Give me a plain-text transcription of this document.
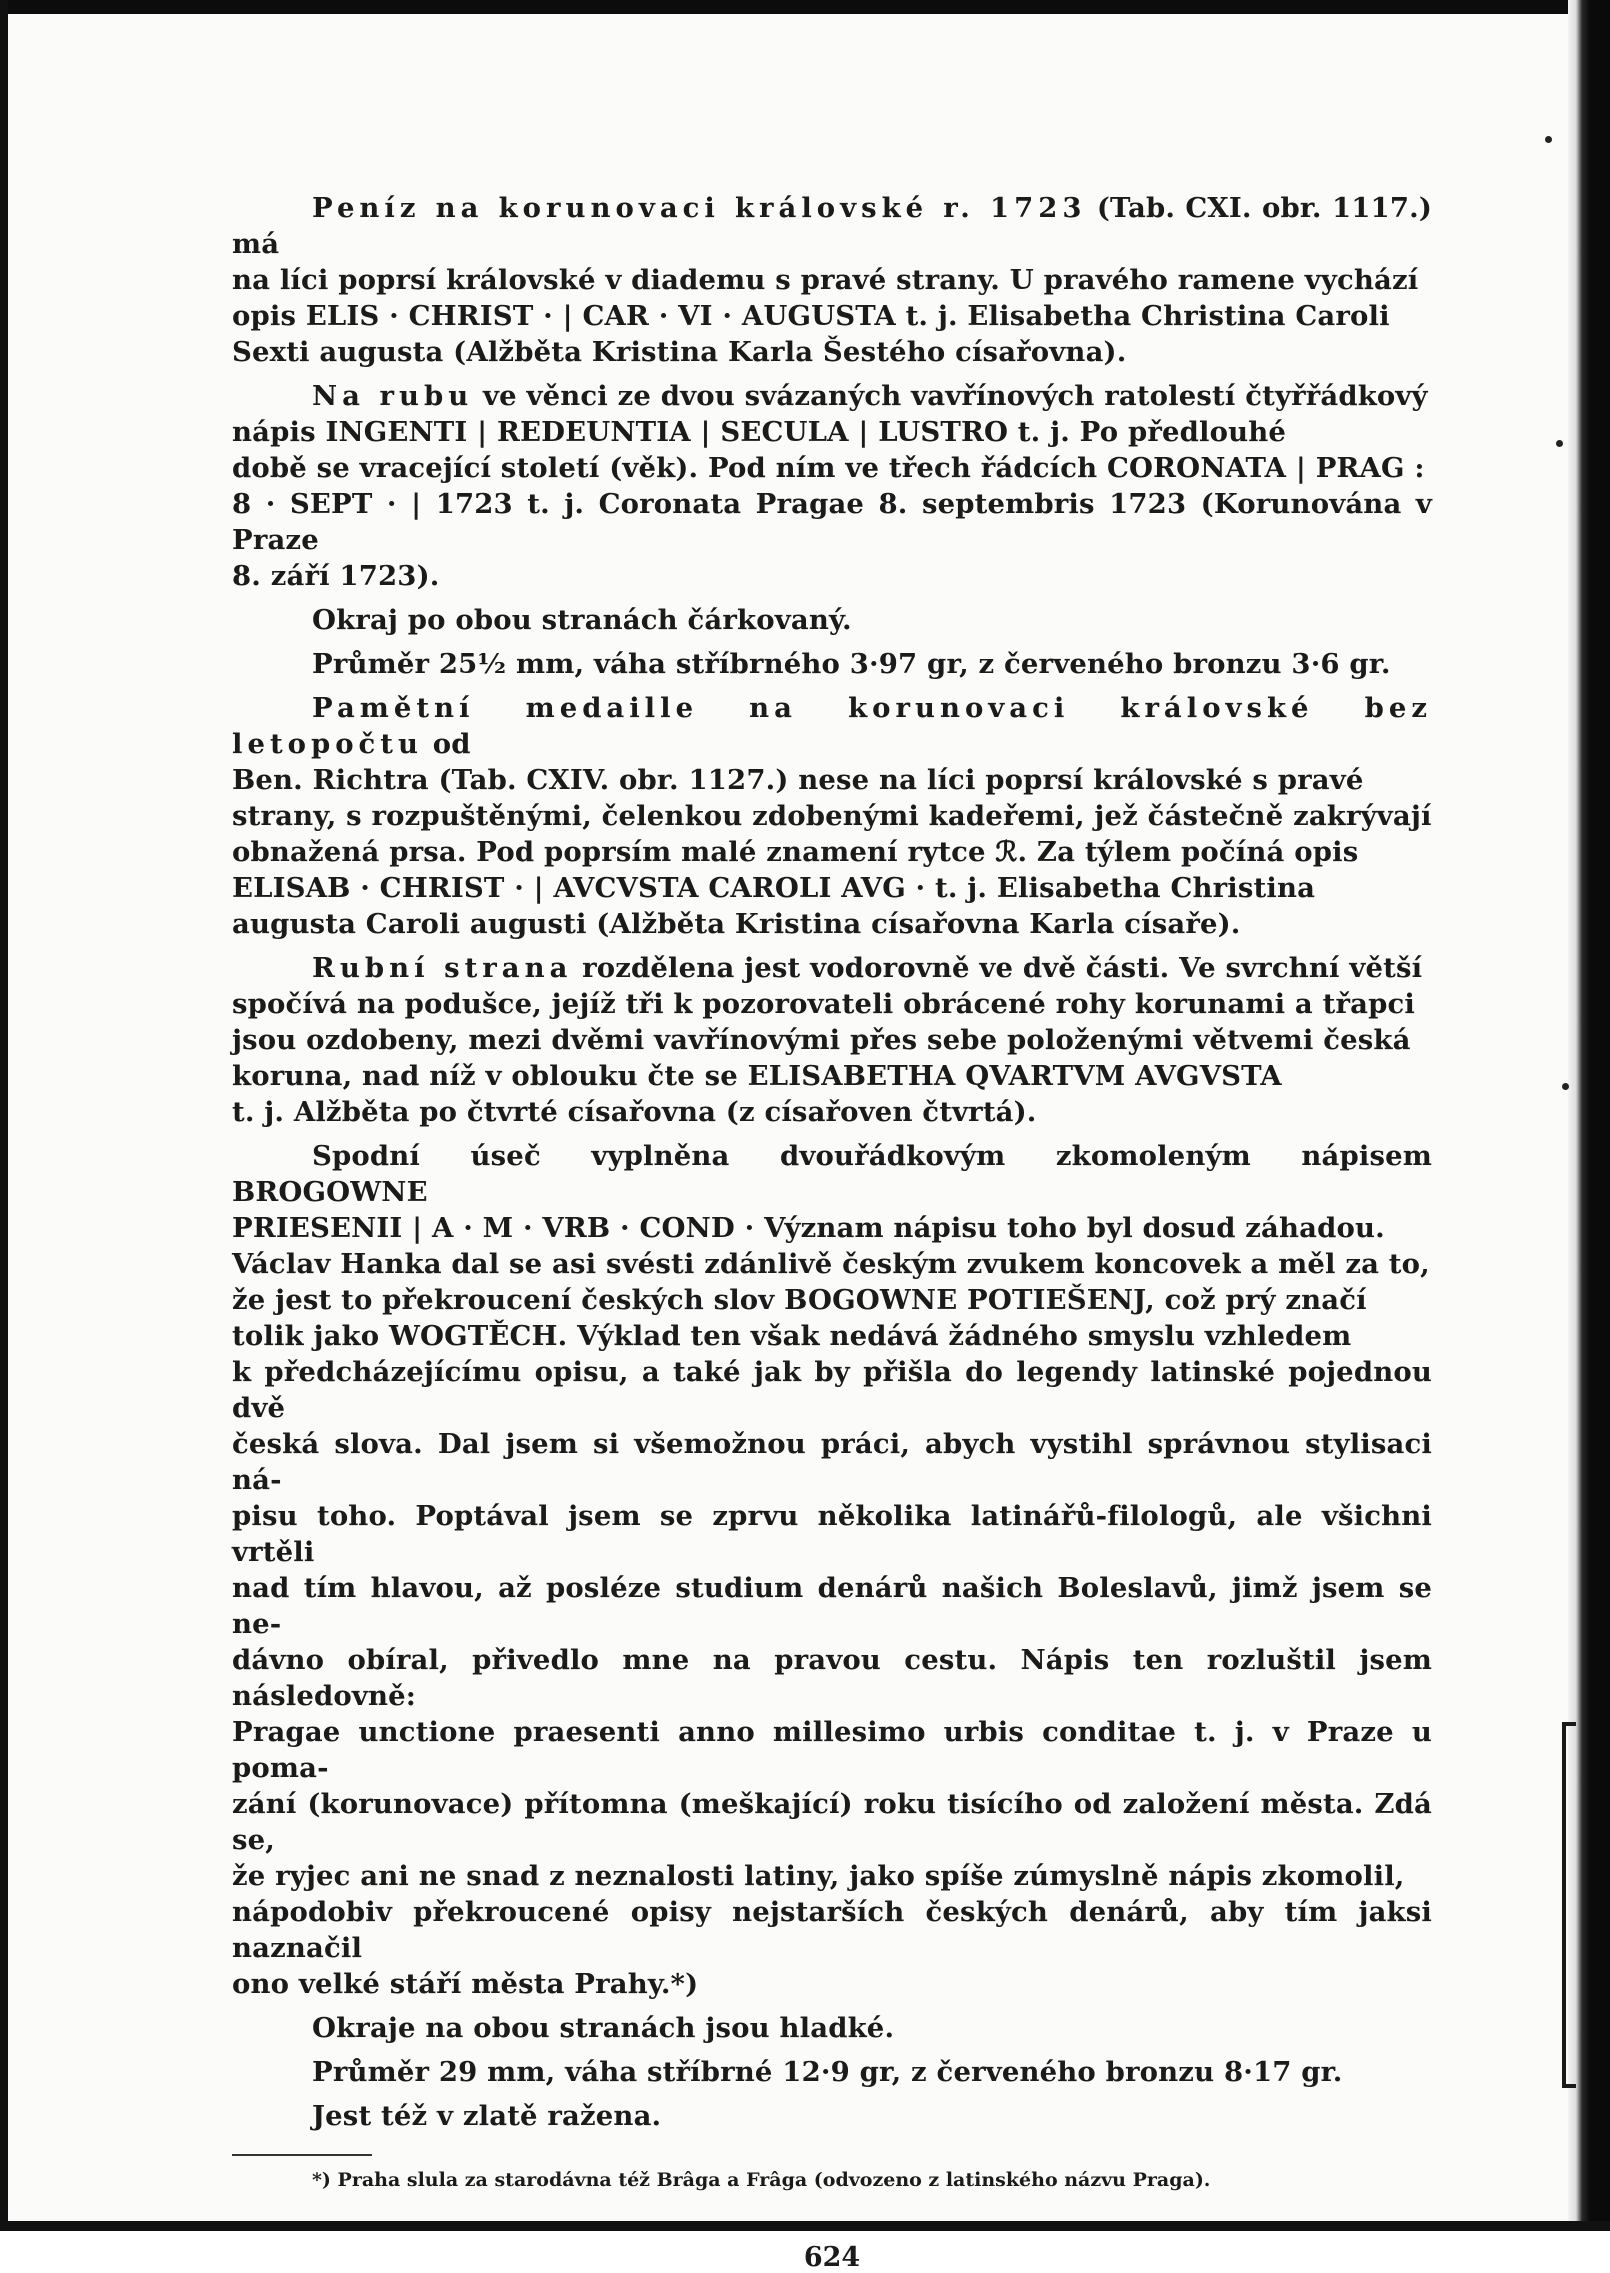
Peníz na korunovaci královské r. 1723 (Tab. CXI. obr. 1117.) má
na líci poprsí královské v diademu s pravé strany. U pravého ramene vychází
opis ELIS · CHRIST · | CAR · VI · AUGUSTA t. j. Elisabetha Christina Caroli
Sexti augusta (Alžběta Kristina Karla Šestého císařovna).

Na rubu ve věnci ze dvou svázaných vavřínových ratolestí čtyřřádkový
nápis INGENTI | REDEUNTIA | SECULA | LUSTRO t. j. Po předlouhé
době se vracející století (věk). Pod ním ve třech řádcích CORONATA | PRAG :
8 · SEPT · | 1723 t. j. Coronata Pragae 8. septembris 1723 (Korunována v Praze
8. září 1723).

Okraj po obou stranách čárkovaný.

Průměr 25½ mm, váha stříbrného 3·97 gr, z červeného bronzu 3·6 gr.

Pamětní medaille na korunovaci královské bez letopočtu od
Ben. Richtra (Tab. CXIV. obr. 1127.) nese na líci poprsí královské s pravé
strany, s rozpuštěnými, čelenkou zdobenými kadeřemi, jež částečně zakrývají
obnažená prsa. Pod poprsím malé znamení rytce ℛ. Za týlem počíná opis
ELISAB · CHRIST · | AVCVSTA CAROLI AVG · t. j. Elisabetha Christina
augusta Caroli augusti (Alžběta Kristina císařovna Karla císaře).

Rubní strana rozdělena jest vodorovně ve dvě části. Ve svrchní větší
spočívá na podušce, jejíž tři k pozorovateli obrácené rohy korunami a třapci
jsou ozdobeny, mezi dvěmi vavřínovými přes sebe položenými větvemi česká
koruna, nad níž v oblouku čte se ELISABETHA QVARTVM AVGVSTA
t. j. Alžběta po čtvrté císařovna (z císařoven čtvrtá).

Spodní úseč vyplněna dvouřádkovým zkomoleným nápisem BROGOWNE
PRIESENII | A · M · VRB · COND · Význam nápisu toho byl dosud záhadou.
Václav Hanka dal se asi svésti zdánlivě českým zvukem koncovek a měl za to,
že jest to překroucení českých slov BOGOWNE POTIEŠENJ, což prý značí
tolik jako WOGTĚCH. Výklad ten však nedává žádného smyslu vzhledem
k předcházejícímu opisu, a také jak by přišla do legendy latinské pojednou dvě
česká slova. Dal jsem si všemožnou práci, abych vystihl správnou stylisaci ná-
pisu toho. Poptával jsem se zprvu několika latinářů-filologů, ale všichni vrtěli
nad tím hlavou, až posléze studium denárů našich Boleslavů, jimž jsem se ne-
dávno obíral, přivedlo mne na pravou cestu. Nápis ten rozluštil jsem následovně:
Pragae unctione praesenti anno millesimo urbis conditae t. j. v Praze u poma-
zání (korunovace) přítomna (meškající) roku tisícího od založení města. Zdá se,
že ryjec ani ne snad z neznalosti latiny, jako spíše zúmyslně nápis zkomolil,
nápodobiv překroucené opisy nejstarších českých denárů, aby tím jaksi naznačil
ono velké stáří města Prahy.*)

Okraje na obou stranách jsou hladké.

Průměr 29 mm, váha stříbrné 12·9 gr, z červeného bronzu 8·17 gr.

Jest též v zlatě ražena.

*) Praha slula za starodávna též Brâga a Frâga (odvozeno z latinského názvu Praga).

624
